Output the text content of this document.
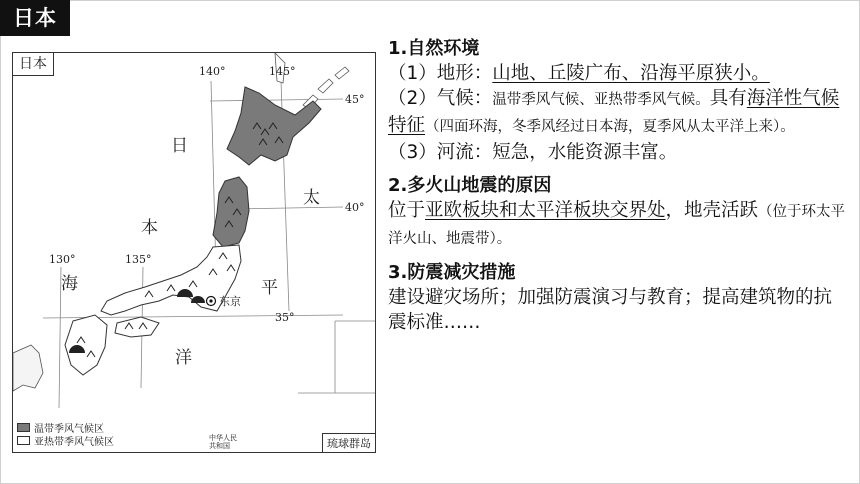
日本
日本	140°	145°
130°	135°
45°
40°
35°
日
本
海
太
平
洋
东京
温带季风气候区
亚热带季风气候区	中华人民
共和国	琉球群岛

1.自然环境

（1）地形：山地、丘陵广布、沿海平原狭小。

（2）气候：温带季风气候、亚热带季风气候。具有海洋性气候特征（四面环海，冬季风经过日本海，夏季风从太平洋上来）。

（3）河流：短急，水能资源丰富。

2.多火山地震的原因

位于亚欧板块和太平洋板块交界处，地壳活跃（位于环太平洋火山、地震带）。

3.防震减灾措施

建设避灾场所；加强防震演习与教育；提高建筑物的抗震标准……
